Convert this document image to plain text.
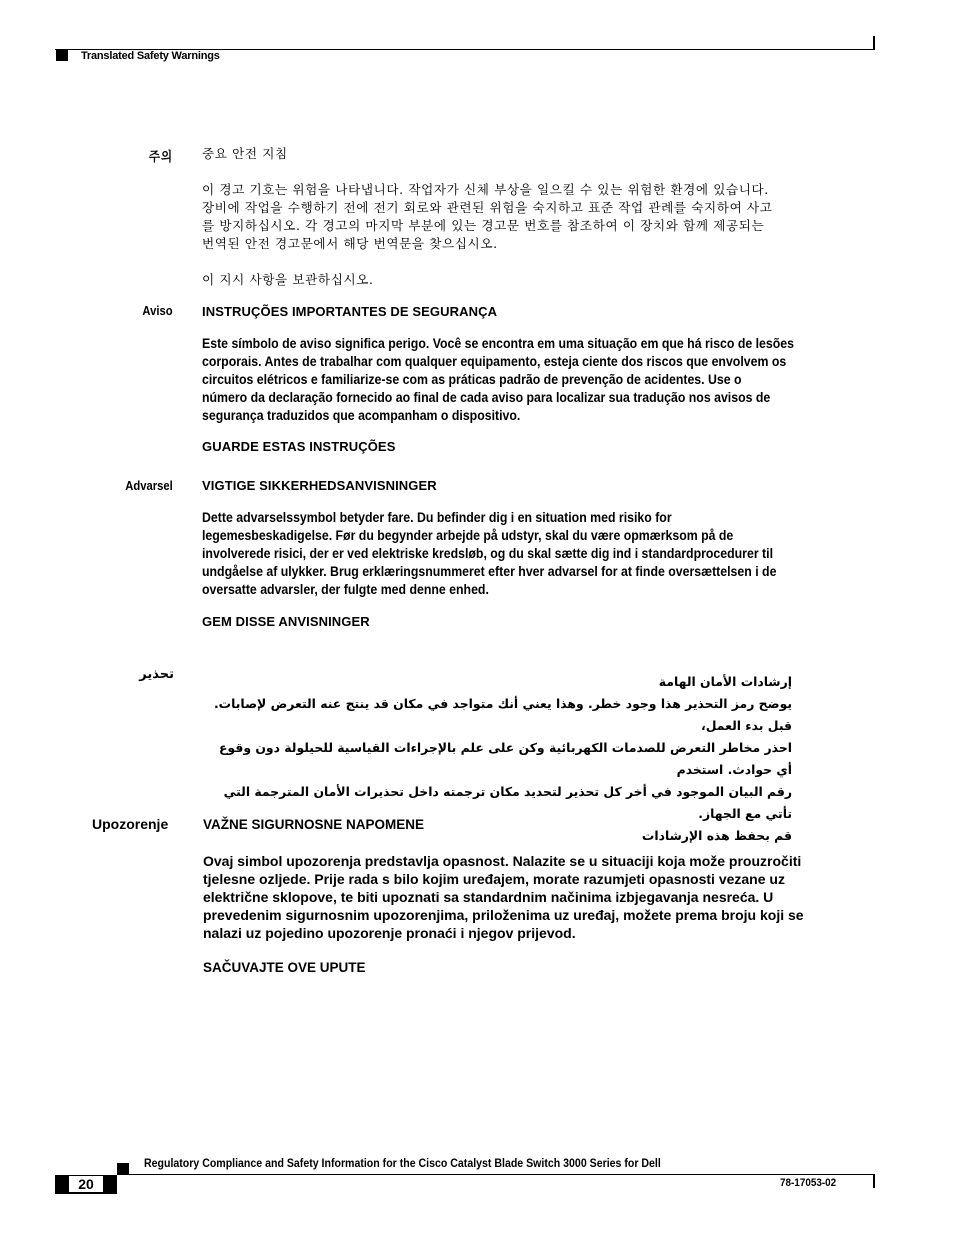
Translated Safety Warnings
주의 중요 안전 지침
이 경고 기호는 위험을 나타냅니다. 작업자가 신체 부상을 일으킬 수 있는 위험한 환경에 있습니다.
장비에 작업을 수행하기 전에 전기 회로와 관련된 위험을 숙지하고 표준 작업 관례를 숙지하여 사고
를 방지하십시오. 각 경고의 마지막 부분에 있는 경고문 번호를 참조하여 이 장치와 함께 제공되는
번역된 안전 경고문에서 해당 번역문을 찾으십시오.
이 지시 사항을 보관하십시오.
Aviso INSTRUÇÕES IMPORTANTES DE SEGURANÇA
Este símbolo de aviso significa perigo. Você se encontra em uma situação em que há risco de lesões
corporais. Antes de trabalhar com qualquer equipamento, esteja ciente dos riscos que envolvem os
circuitos elétricos e familiarize-se com as práticas padrão de prevenção de acidentes. Use o
número da declaração fornecido ao final de cada aviso para localizar sua tradução nos avisos de
segurança traduzidos que acompanham o dispositivo.
GUARDE ESTAS INSTRUÇÕES
Advarsel VIGTIGE SIKKERHEDSANVISNINGER
Dette advarselssymbol betyder fare. Du befinder dig i en situation med risiko for
legemesbeskadigelse. Før du begynder arbejde på udstyr, skal du være opmærksom på de
involverede risici, der er ved elektriske kredsløb, og du skal sætte dig ind i standardprocedurer til
undgåelse af ulykker. Brug erklæringsnummeret efter hver advarsel for at finde oversættelsen i de
oversatte advarsler, der fulgte med denne enhed.
GEM DISSE ANVISNINGER
تحذير	إرشادات الأمان الهامة
يوضح رمز التحذير هذا وجود خطر. وهذا يعني أنك متواجد في مكان قد ينتج عنه التعرض لإصابات. قبل بدء العمل،
احذر مخاطر التعرض للصدمات الكهربائية وكن على علم بالإجراءات القياسية للحيلولة دون وقوع أي حوادث. استخدم
رقم البيان الموجود في أخر كل تحذير لتحديد مكان ترجمته داخل تحذيرات الأمان المترجمة التي تأتي مع الجهاز.
قم بحفظ هذه الإرشادات
Upozorenje	VAŽNE SIGURNOSNE NAPOMENE
Ovaj simbol upozorenja predstavlja opasnost. Nalazite se u situaciji koja može prouzročiti
tjelesne ozljede. Prije rada s bilo kojim uređajem, morate razumjeti opasnosti vezane uz
električne sklopove, te biti upoznati sa standardnim načinima izbjegavanja nesreća. U
prevedenim sigurnosnim upozorenjima, priloženima uz uređaj, možete prema broju koji se
nalazi uz pojedino upozorenje pronaći i njegov prijevod.
SAČUVAJTE OVE UPUTE
Regulatory Compliance and Safety Information for the Cisco Catalyst Blade Switch 3000 Series for Dell
20	78-17053-02
